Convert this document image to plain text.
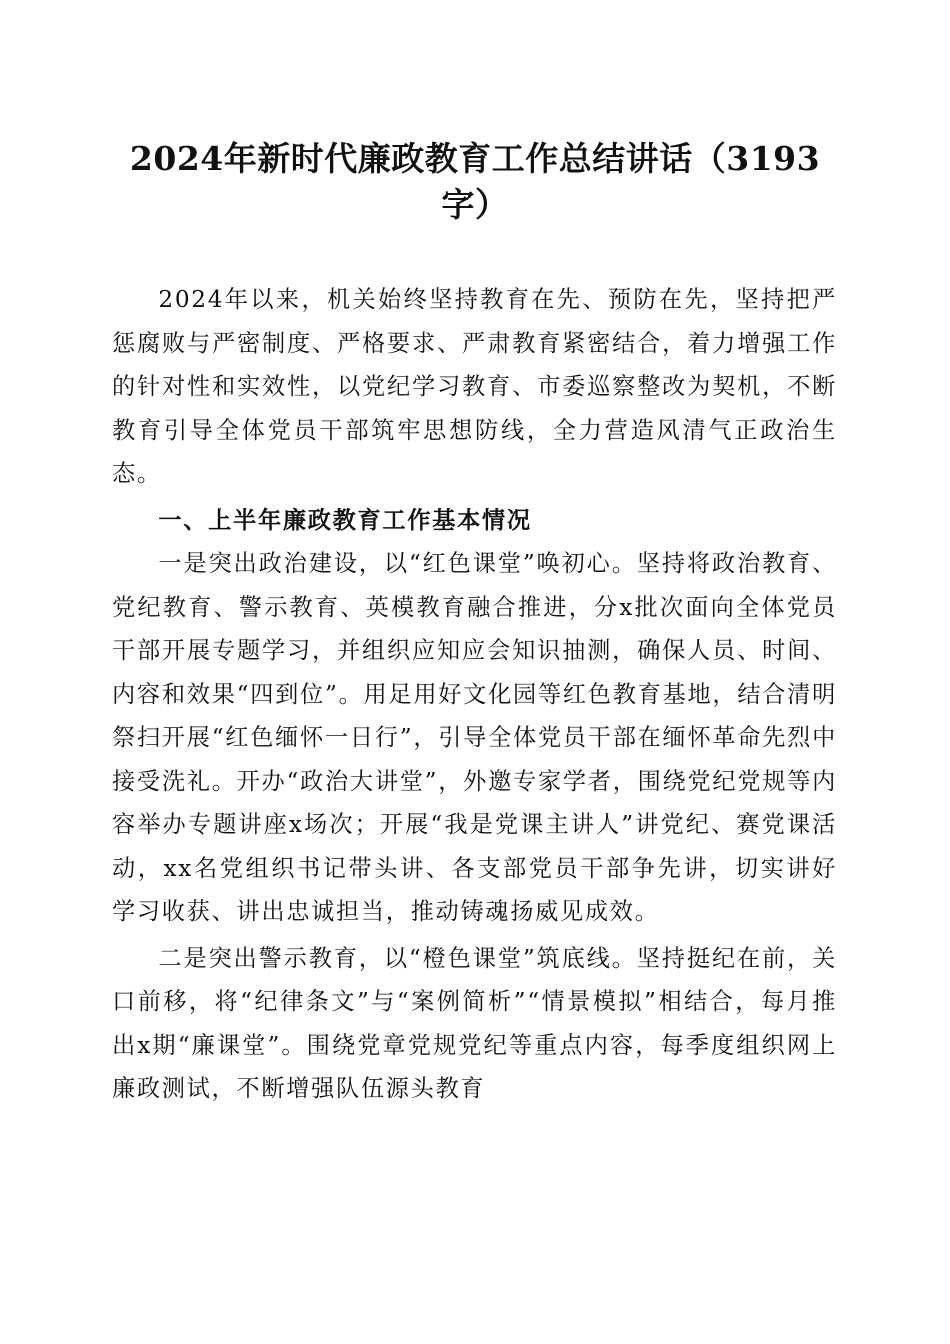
2024年新时代廉政教育工作总结讲话（3193字）

2024年以来，机关始终坚持教育在先、预防在先，坚持把严惩腐败与严密制度、严格要求、严肃教育紧密结合，着力增强工作的针对性和实效性，以党纪学习教育、市委巡察整改为契机，不断教育引导全体党员干部筑牢思想防线，全力营造风清气正政治生态。

一、上半年廉政教育工作基本情况

一是突出政治建设，以“红色课堂”唤初心。坚持将政治教育、党纪教育、警示教育、英模教育融合推进，分x批次面向全体党员干部开展专题学习，并组织应知应会知识抽测，确保人员、时间、内容和效果“四到位”。用足用好文化园等红色教育基地，结合清明祭扫开展“红色缅怀一日行”，引导全体党员干部在缅怀革命先烈中接受洗礼。开办“政治大讲堂”，外邀专家学者，围绕党纪党规等内容举办专题讲座x场次；开展“我是党课主讲人”讲党纪、赛党课活动，xx名党组织书记带头讲、各支部党员干部争先讲，切实讲好学习收获、讲出忠诚担当，推动铸魂扬威见成效。

二是突出警示教育，以“橙色课堂”筑底线。坚持挺纪在前，关口前移，将“纪律条文”与“案例简析”“情景模拟”相结合，每月推出x期“廉课堂”。围绕党章党规党纪等重点内容，每季度组织网上廉政测试，不断增强队伍源头教育
